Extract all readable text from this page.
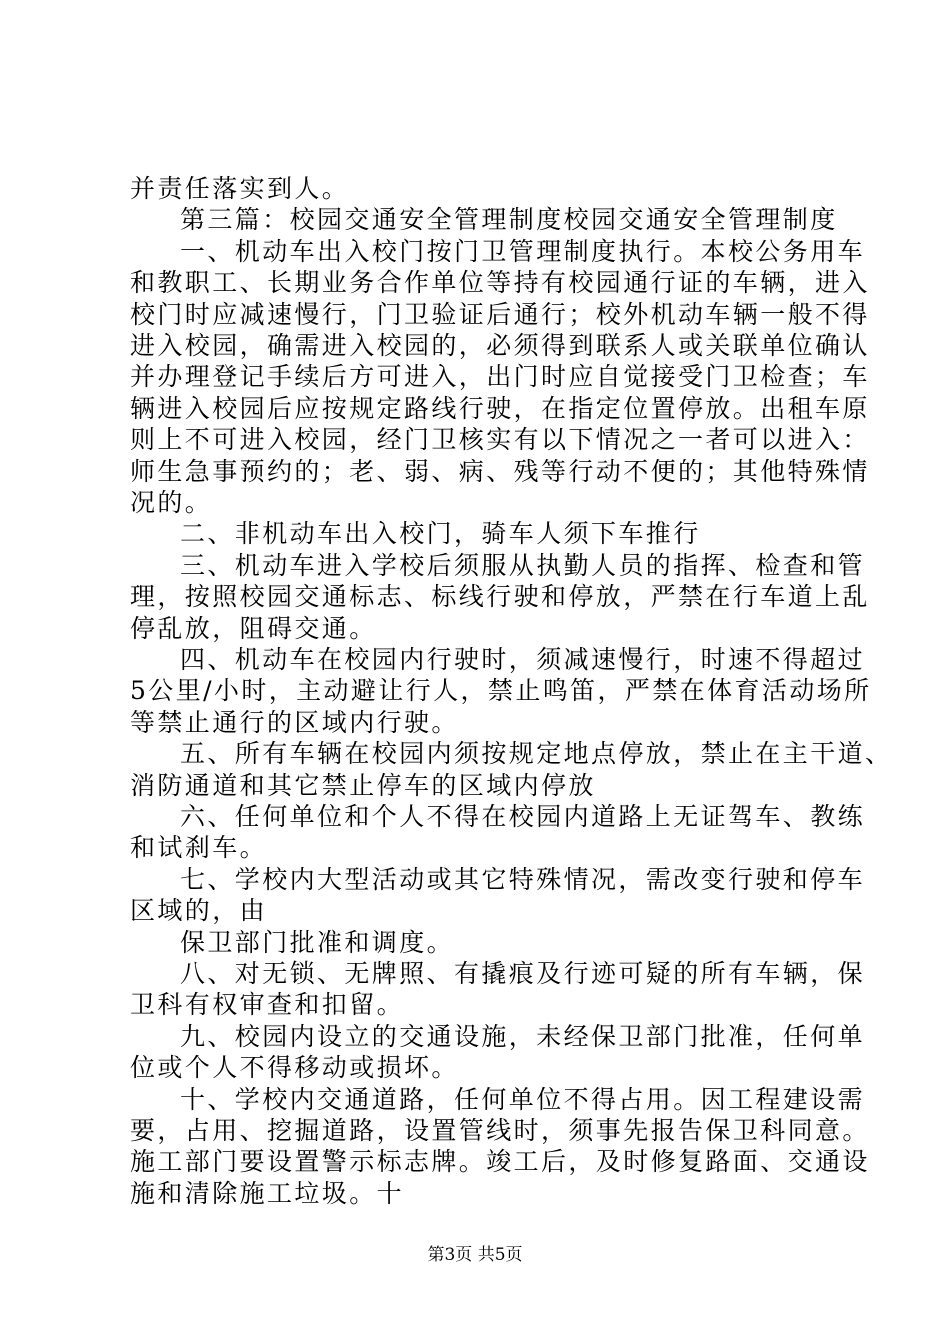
并责任落实到人。
第三篇：校园交通安全管理制度校园交通安全管理制度
一、机动车出入校门按门卫管理制度执行。本校公务用车
和教职工、长期业务合作单位等持有校园通行证的车辆，进入
校门时应减速慢行，门卫验证后通行；校外机动车辆一般不得
进入校园，确需进入校园的，必须得到联系人或关联单位确认
并办理登记手续后方可进入，出门时应自觉接受门卫检查；车
辆进入校园后应按规定路线行驶，在指定位置停放。出租车原
则上不可进入校园，经门卫核实有以下情况之一者可以进入：
师生急事预约的；老、弱、病、残等行动不便的；其他特殊情
况的。
二、非机动车出入校门，骑车人须下车推行
三、机动车进入学校后须服从执勤人员的指挥、检查和管
理，按照校园交通标志、标线行驶和停放，严禁在行车道上乱
停乱放，阻碍交通。
四、机动车在校园内行驶时，须减速慢行，时速不得超过
5公里/小时，主动避让行人，禁止鸣笛，严禁在体育活动场所
等禁止通行的区域内行驶。
五、所有车辆在校园内须按规定地点停放，禁止在主干道、
消防通道和其它禁止停车的区域内停放
六、任何单位和个人不得在校园内道路上无证驾车、教练
和试刹车。
七、学校内大型活动或其它特殊情况，需改变行驶和停车
区域的，由
保卫部门批准和调度。
八、对无锁、无牌照、有撬痕及行迹可疑的所有车辆，保
卫科有权审查和扣留。
九、校园内设立的交通设施，未经保卫部门批准，任何单
位或个人不得移动或损坏。
十、学校内交通道路，任何单位不得占用。因工程建设需
要，占用、挖掘道路，设置管线时，须事先报告保卫科同意。
第3页 共5页
施工部门要设置警示标志牌。竣工后，及时修复路面、交通设
施和清除施工垃圾。十
